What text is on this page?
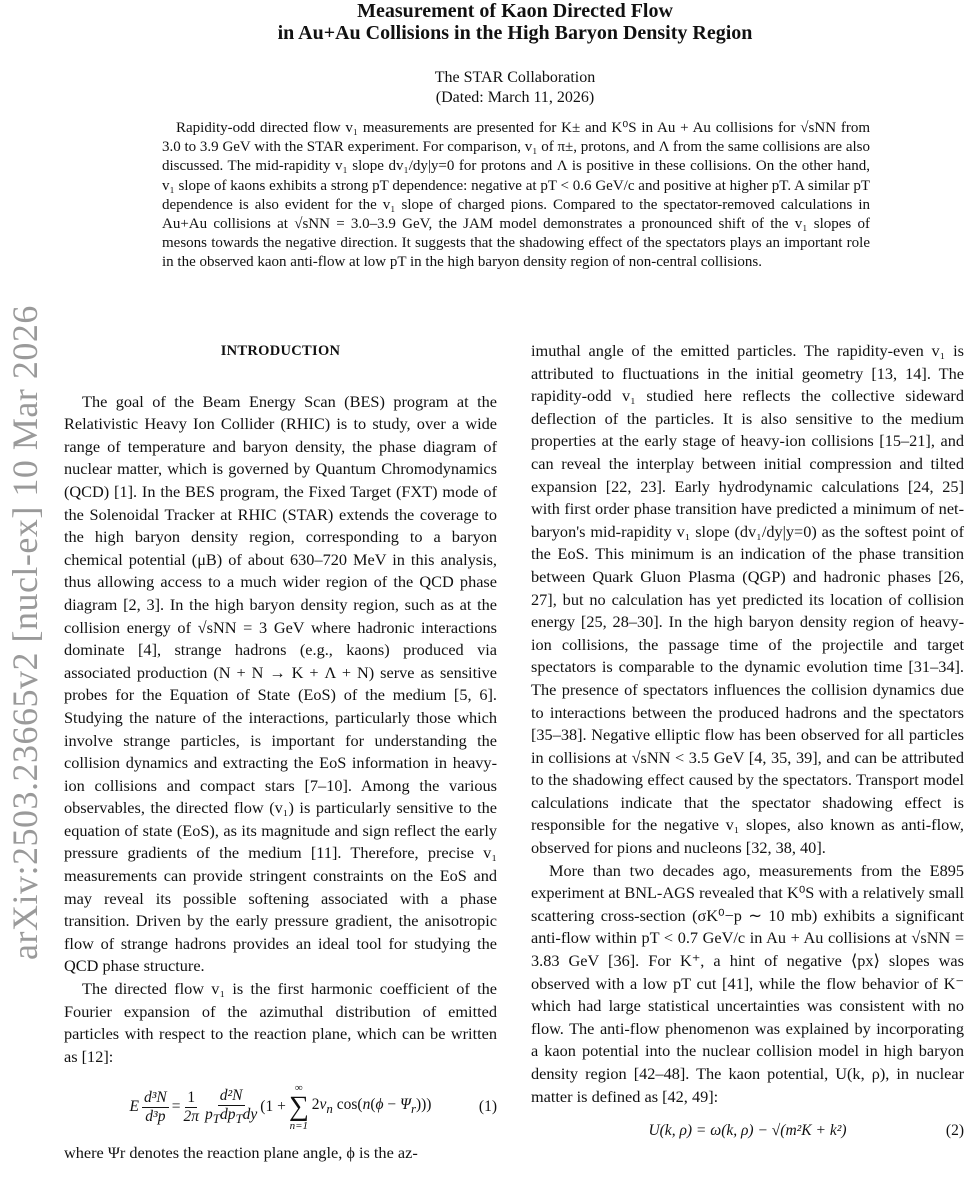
arXiv:2503.23665v2 [nucl-ex] 10 Mar 2026
Measurement of Kaon Directed Flow
in Au+Au Collisions in the High Baryon Density Region
The STAR Collaboration
(Dated: March 11, 2026)
Rapidity-odd directed flow v₁ measurements are presented for K± and K⁰S in Au + Au collisions for √sNN from 3.0 to 3.9 GeV with the STAR experiment. For comparison, v₁ of π±, protons, and Λ from the same collisions are also discussed. The mid-rapidity v₁ slope dv₁/dy|y=0 for protons and Λ is positive in these collisions. On the other hand, v₁ slope of kaons exhibits a strong pT dependence: negative at pT < 0.6 GeV/c and positive at higher pT. A similar pT dependence is also evident for the v₁ slope of charged pions. Compared to the spectator-removed calculations in Au+Au collisions at √sNN = 3.0–3.9 GeV, the JAM model demonstrates a pronounced shift of the v₁ slopes of mesons towards the negative direction. It suggests that the shadowing effect of the spectators plays an important role in the observed kaon anti-flow at low pT in the high baryon density region of non-central collisions.
INTRODUCTION

The goal of the Beam Energy Scan (BES) program at the Relativistic Heavy Ion Collider (RHIC) is to study, over a wide range of temperature and baryon density, the phase diagram of nuclear matter, which is governed by Quantum Chromodynamics (QCD) [1]. In the BES program, the Fixed Target (FXT) mode of the Solenoidal Tracker at RHIC (STAR) extends the coverage to the high baryon density region, corresponding to a baryon chemical potential (μB) of about 630–720 MeV in this analysis, thus allowing access to a much wider region of the QCD phase diagram [2, 3]. In the high baryon density region, such as at the collision energy of √sNN = 3 GeV where hadronic interactions dominate [4], strange hadrons (e.g., kaons) produced via associated production (N + N → K + Λ + N) serve as sensitive probes for the Equation of State (EoS) of the medium [5, 6]. Studying the nature of the interactions, particularly those which involve strange particles, is important for understanding the collision dynamics and extracting the EoS information in heavy-ion collisions and compact stars [7–10]. Among the various observables, the directed flow (v₁) is particularly sensitive to the equation of state (EoS), as its magnitude and sign reflect the early pressure gradients of the medium [11]. Therefore, precise v₁ measurements can provide stringent constraints on the EoS and may reveal its possible softening associated with a phase transition. Driven by the early pressure gradient, the anisotropic flow of strange hadrons provides an ideal tool for studying the QCD phase structure.

The directed flow v₁ is the first harmonic coefficient of the Fourier expansion of the azimuthal distribution of emitted particles with respect to the reaction plane, which can be written as [12]:

E $\frac{\text{d³N}}{\text{d³p}} = \frac{1}{2\pi} \frac{\text{d²N}}{p_Tdp_Tdy} (1$ +
∞
∑
n=1
$2v_n$ $\cos(n(\phi - \Psi_r))$)	(1)

where Ψr denotes the reaction plane angle, ϕ is the az-

imuthal angle of the emitted particles. The rapidity-even v₁ is attributed to fluctuations in the initial geometry [13, 14]. The rapidity-odd v₁ studied here reflects the collective sideward deflection of the particles. It is also sensitive to the medium properties at the early stage of heavy-ion collisions [15–21], and can reveal the interplay between initial compression and tilted expansion [22, 23]. Early hydrodynamic calculations [24, 25] with first order phase transition have predicted a minimum of net-baryon's mid-rapidity v₁ slope (dv₁/dy|y=0) as the softest point of the EoS. This minimum is an indication of the phase transition between Quark Gluon Plasma (QGP) and hadronic phases [26, 27], but no calculation has yet predicted its location of collision energy [25, 28–30]. In the high baryon density region of heavy-ion collisions, the passage time of the projectile and target spectators is comparable to the dynamic evolution time [31–34]. The presence of spectators influences the collision dynamics due to interactions between the produced hadrons and the spectators [35–38]. Negative elliptic flow has been observed for all particles in collisions at √sNN < 3.5 GeV [4, 35, 39], and can be attributed to the shadowing effect caused by the spectators. Transport model calculations indicate that the spectator shadowing effect is responsible for the negative v₁ slopes, also known as anti-flow, observed for pions and nucleons [32, 38, 40].

More than two decades ago, measurements from the E895 experiment at BNL-AGS revealed that K⁰S with a relatively small scattering cross-section (σK⁰−p ∼ 10 mb) exhibits a significant anti-flow within pT < 0.7 GeV/c in Au + Au collisions at √sNN = 3.83 GeV [36]. For K⁺, a hint of negative ⟨px⟩ slopes was observed with a low pT cut [41], while the flow behavior of K⁻ which had large statistical uncertainties was consistent with no flow. The anti-flow phenomenon was explained by incorporating a kaon potential into the nuclear collision model in high baryon density region [42–48]. The kaon potential, U(k, ρ), in nuclear matter is defined as [42, 49]:

U(k, ρ) = ω(k, ρ) − √(m²K + k²)	(2)
